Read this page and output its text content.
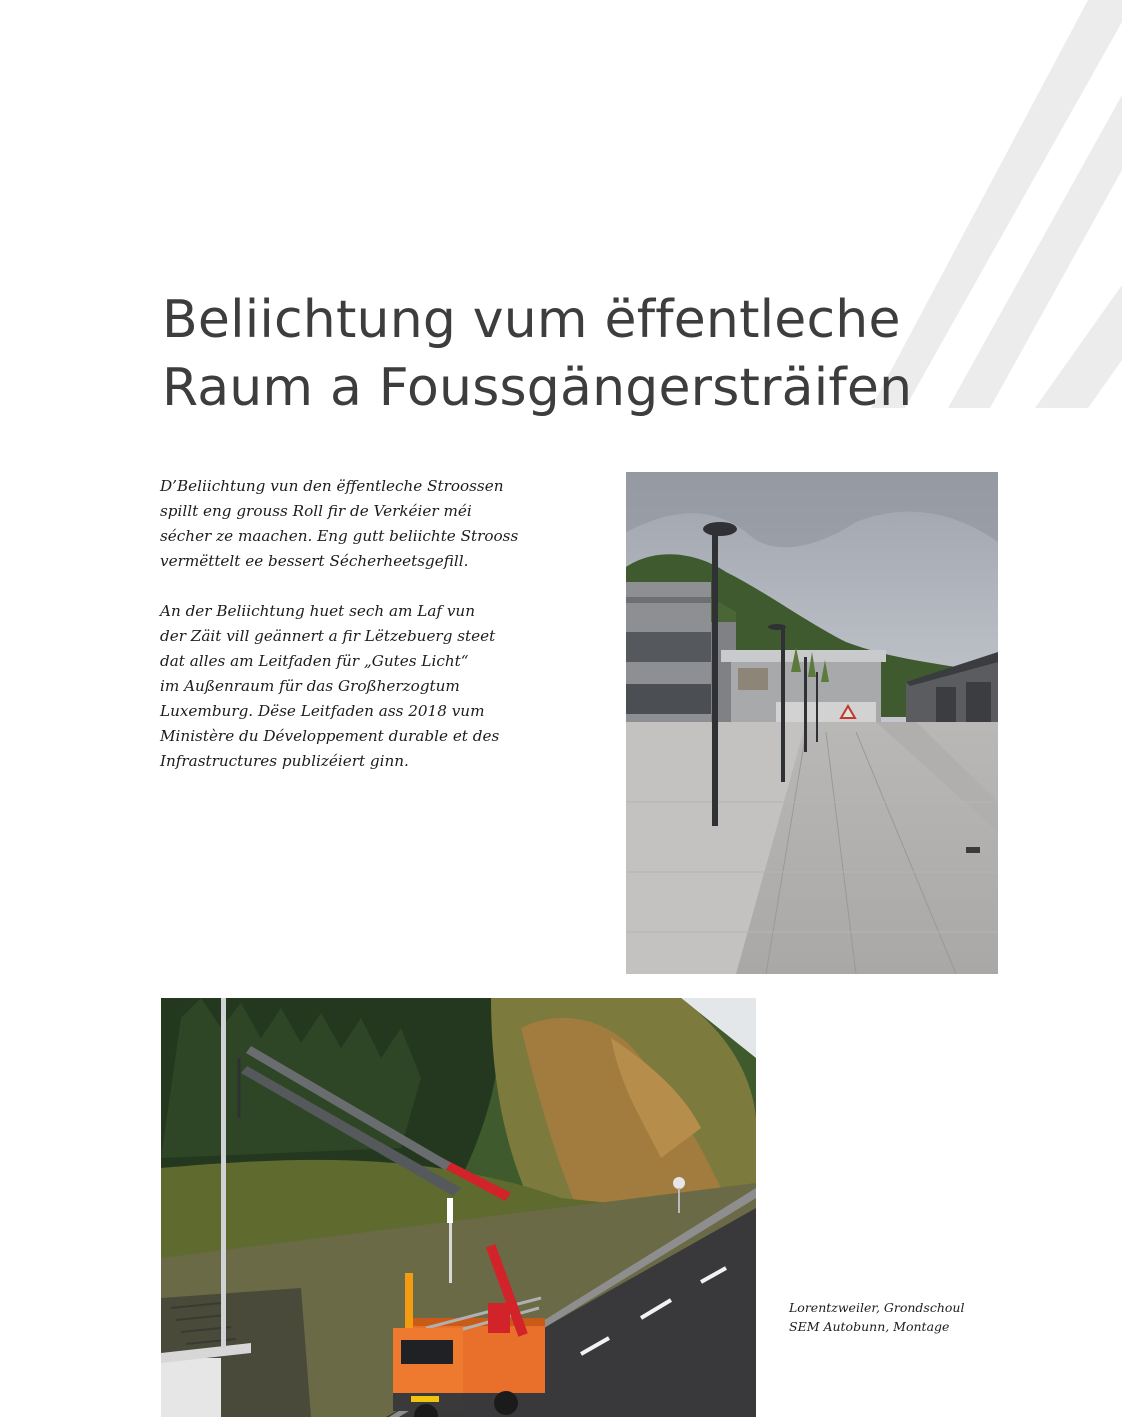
Beliichtung vum ëffentleche
Raum a Foussgängersträifen

D’Beliichtung vun den ëffentleche Stroossen
spillt eng grouss Roll fir de Verkéier méi
sécher ze maachen. Eng gutt beliichte Strooss
vermëttelt ee bessert Sécherheetsgefill.

An der Beliichtung huet sech am Laf vun
der Zäit vill geännert a fir Lëtzebuerg steet
dat alles am Leitfaden für „Gutes Licht“
im Außenraum für das Großherzogtum
Luxemburg. Dëse Leitfaden ass 2018 vum
Ministère du Développement durable et des
Infrastructures publizéiert ginn.

Lorentzweiler, Grondschoul
SEM Autobunn, Montage
